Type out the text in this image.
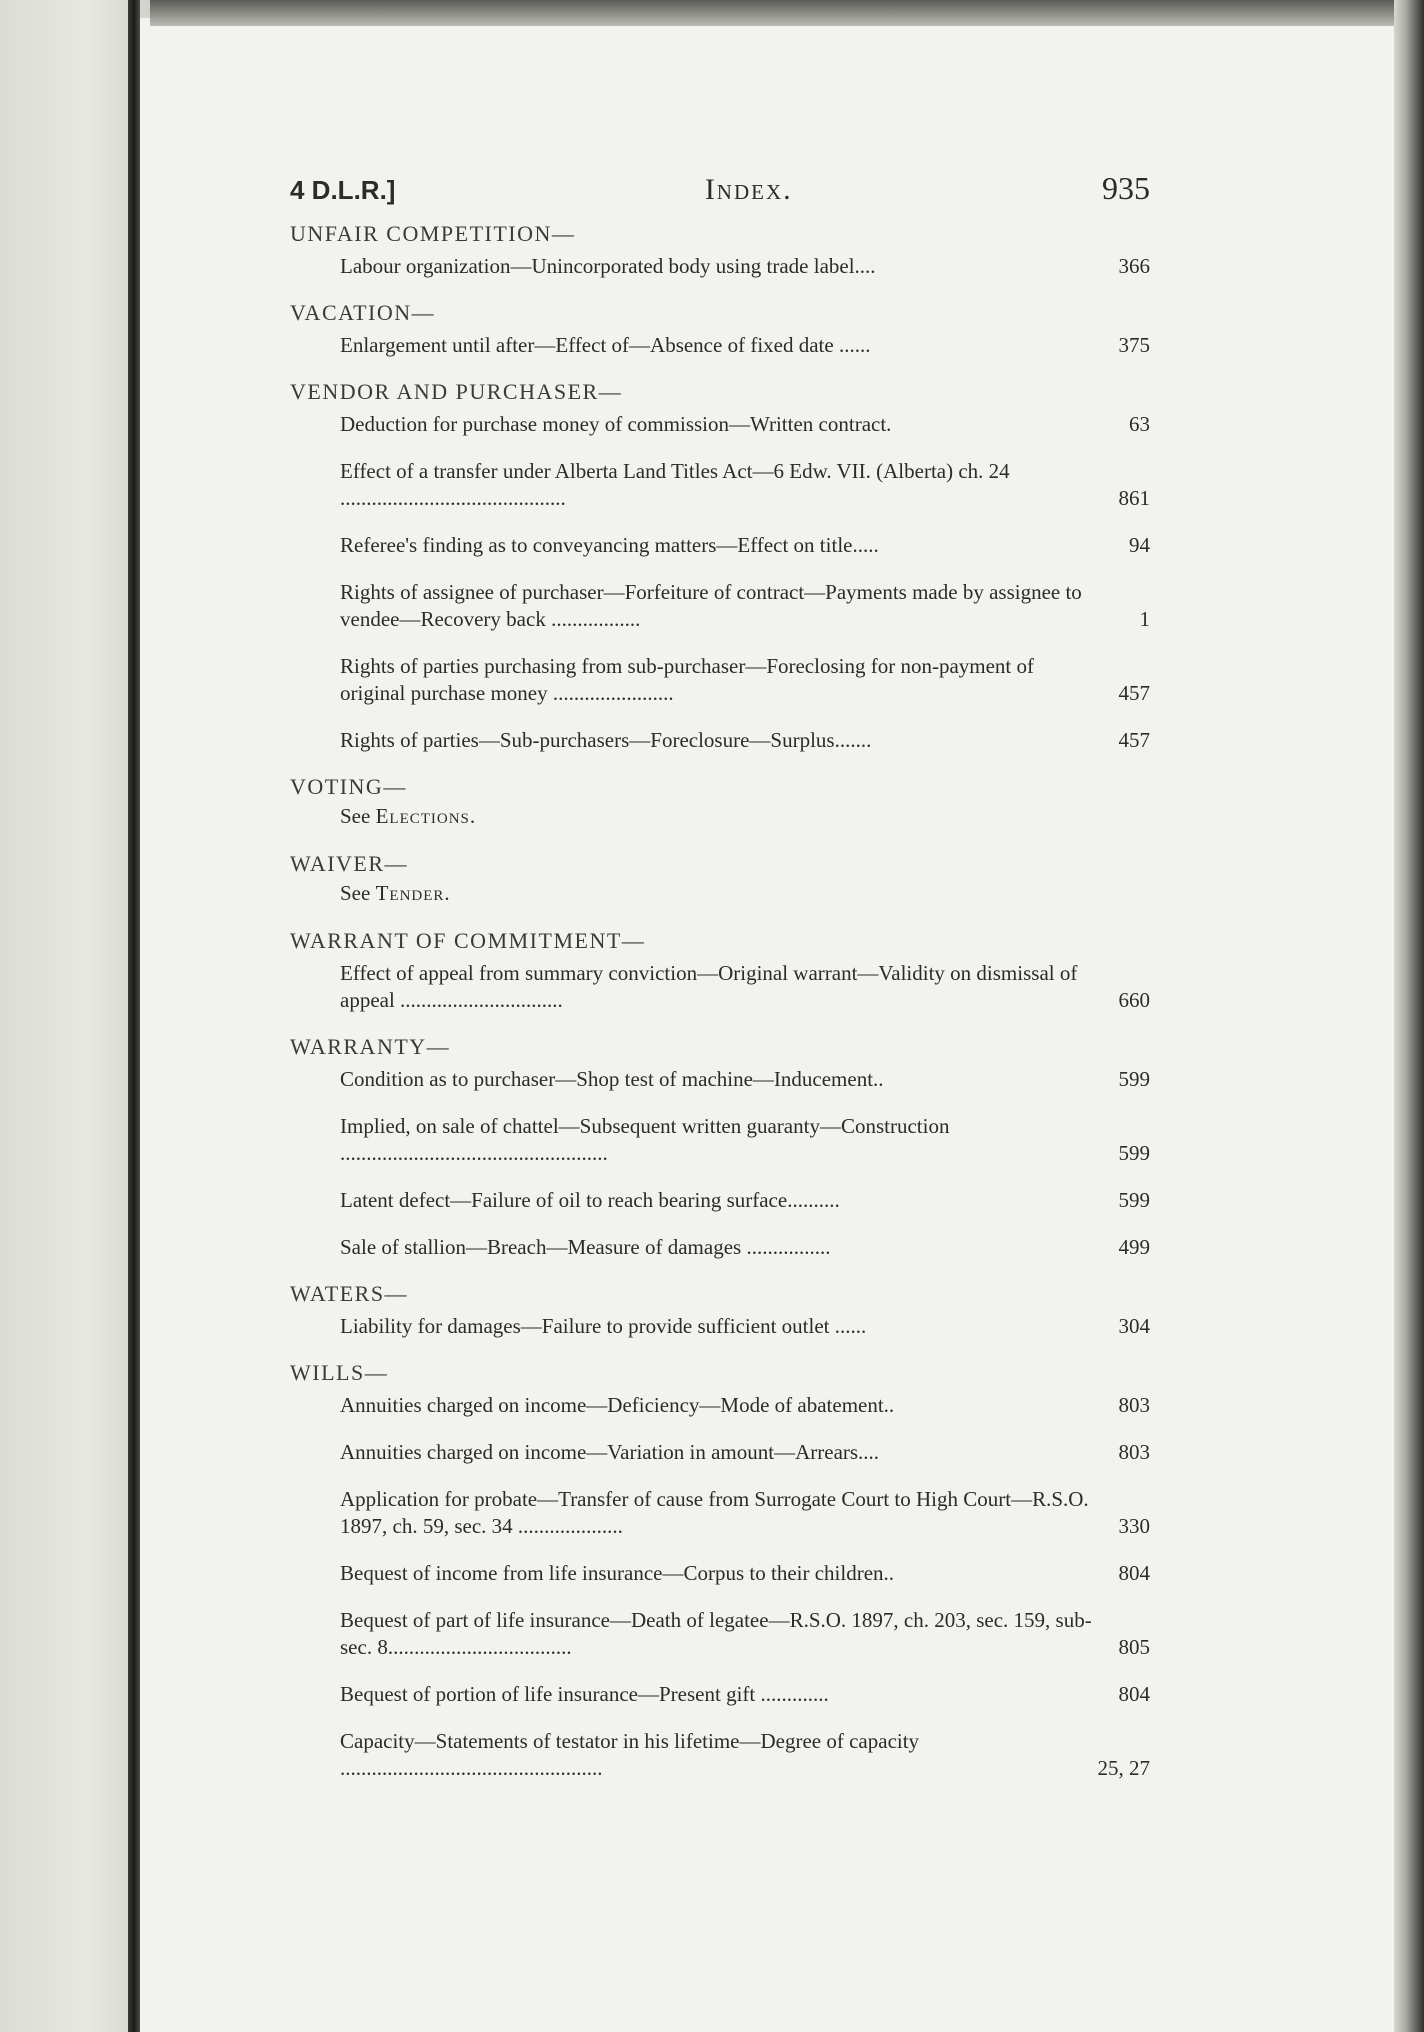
4 D.L.R.]	Index.	935
UNFAIR COMPETITION—
Labour organization—Unincorporated body using trade label....	366
VACATION—
Enlargement until after—Effect of—Absence of fixed date ......	375
VENDOR AND PURCHASER—
Deduction for purchase money of commission—Written contract.	63
Effect of a transfer under Alberta Land Titles Act—6 Edw. VII. (Alberta) ch. 24 ...........................................	861
Referee's finding as to conveyancing matters—Effect on title.....	94
Rights of assignee of purchaser—Forfeiture of contract—Payments made by assignee to vendee—Recovery back .................	1
Rights of parties purchasing from sub-purchaser—Foreclosing for non-payment of original purchase money .......................	457
Rights of parties—Sub-purchasers—Foreclosure—Surplus.......	457
VOTING—
See Elections.
WAIVER—
See Tender.
WARRANT OF COMMITMENT—
Effect of appeal from summary conviction—Original warrant—Validity on dismissal of appeal ...............................	660
WARRANTY—
Condition as to purchaser—Shop test of machine—Inducement..	599
Implied, on sale of chattel—Subsequent written guaranty—Construction ...................................................	599
Latent defect—Failure of oil to reach bearing surface..........	599
Sale of stallion—Breach—Measure of damages ................	499
WATERS—
Liability for damages—Failure to provide sufficient outlet ......	304
WILLS—
Annuities charged on income—Deficiency—Mode of abatement..	803
Annuities charged on income—Variation in amount—Arrears....	803
Application for probate—Transfer of cause from Surrogate Court to High Court—R.S.O. 1897, ch. 59, sec. 34 ....................	330
Bequest of income from life insurance—Corpus to their children..	804
Bequest of part of life insurance—Death of legatee—R.S.O. 1897, ch. 203, sec. 159, sub-sec. 8...................................	805
Bequest of portion of life insurance—Present gift .............	804
Capacity—Statements of testator in his lifetime—Degree of capacity ..................................................	25, 27
